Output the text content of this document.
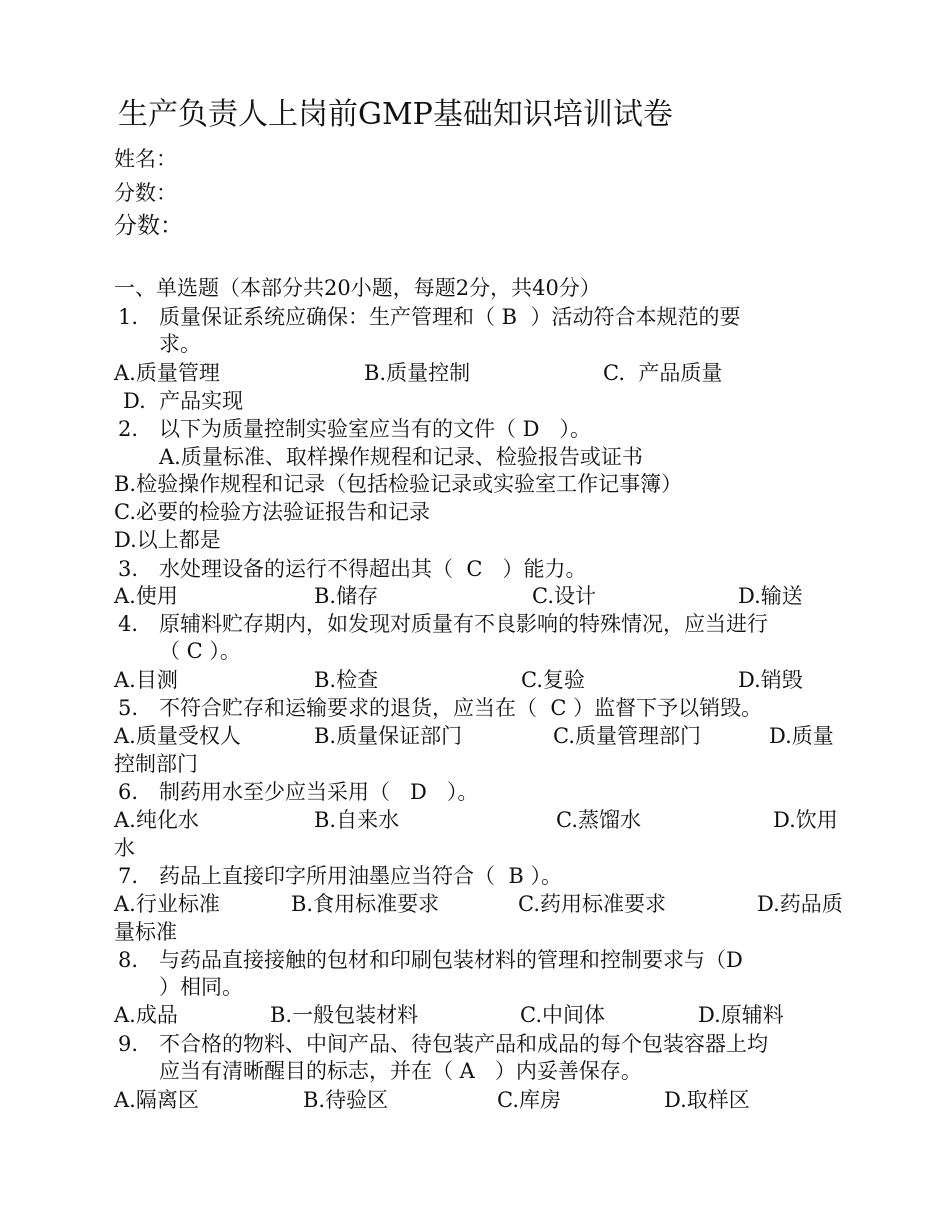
生产负责人上岗前GMP基础知识培训试卷
姓名：
分数：
分数：
一、单选题（本部分共20小题，每题2分，共40分）
1. 质量保证系统应确保：生产管理和（ B  ）活动符合本规范的要
求。
A.质量管理	B.质量控制	C.  产品质量
D.  产品实现
2. 以下为质量控制实验室应当有的文件（ D   ）。
A.质量标准、取样操作规程和记录、检验报告或证书
B.检验操作规程和记录（包括检验记录或实验室工作记事簿）
C.必要的检验方法验证报告和记录
D.以上都是
3. 水处理设备的运行不得超出其（  C   ）能力。
A.使用	B.储存	C.设计	D.输送
4. 原辅料贮存期内，如发现对质量有不良影响的特殊情况，应当进行
（ C ）。
A.目测	B.检查	C.复验	D.销毁
5. 不符合贮存和运输要求的退货，应当在（  C ）监督下予以销毁。
A.质量受权人	B.质量保证部门	C.质量管理部门	D.质量
控制部门
6. 制药用水至少应当采用（   D   ）。
A.纯化水	B.自来水	C.蒸馏水	D.饮用
水
7. 药品上直接印字所用油墨应当符合（  B ）。
A.行业标准	B.食用标准要求	C.药用标准要求	D.药品质
量标准
8. 与药品直接接触的包材和印刷包装材料的管理和控制要求与（D
）相同。
A.成品	B.一般包装材料	C.中间体	D.原辅料
9. 不合格的物料、中间产品、待包装产品和成品的每个包装容器上均
应当有清晰醒目的标志，并在（ A   ）内妥善保存。
A.隔离区	B.待验区	C.库房	D.取样区
